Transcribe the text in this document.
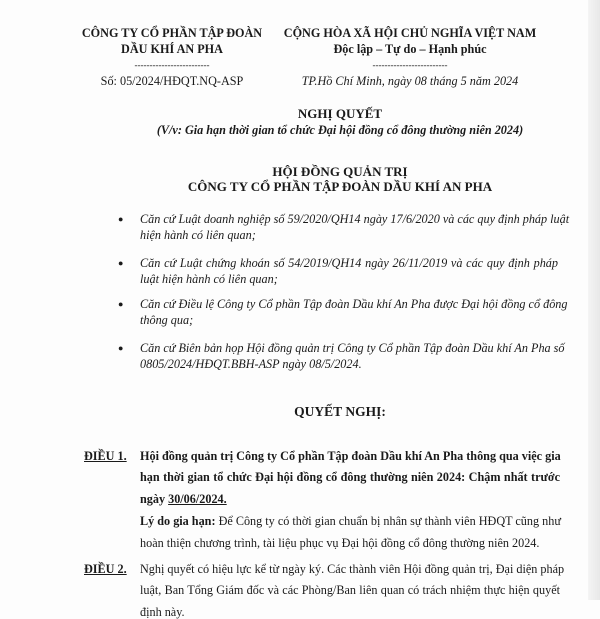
CÔNG TY CỔ PHẦN TẬP ĐOÀN
DẦU KHÍ AN PHA
-------------------------
Số: 05/2024/HĐQT.NQ-ASP
CỘNG HÒA XÃ HỘI CHỦ NGHĨA VIỆT NAM
Độc lập – Tự do – Hạnh phúc
-------------------------
TP.Hồ Chí Minh, ngày 08 tháng 5 năm 2024
NGHỊ QUYẾT
(V/v: Gia hạn thời gian tổ chức Đại hội đồng cổ đông thường niên 2024)
HỘI ĐỒNG QUẢN TRỊ
CÔNG TY CỔ PHẦN TẬP ĐOÀN DẦU KHÍ AN PHA
● Căn cứ Luật doanh nghiệp số 59/2020/QH14 ngày 17/6/2020 và các quy định pháp luật
hiện hành có liên quan;
● Căn cứ Luật chứng khoán số 54/2019/QH14 ngày 26/11/2019 và các quy định pháp
luật hiện hành có liên quan;
● Căn cứ Điều lệ Công ty Cổ phần Tập đoàn Dầu khí An Pha được Đại hội đồng cổ đông
thông qua;
● Căn cứ Biên bản họp Hội đồng quản trị Công ty Cổ phần Tập đoàn Dầu khí An Pha số
0805/2024/HĐQT.BBH-ASP ngày 08/5/2024.
QUYẾT NGHỊ:
ĐIỀU 1. Hội đồng quản trị Công ty Cổ phần Tập đoàn Dầu khí An Pha thông qua việc gia
hạn thời gian tổ chức Đại hội đồng cổ đông thường niên 2024: Chậm nhất trước
ngày 30/06/2024.
Lý do gia hạn: Để Công ty có thời gian chuẩn bị nhân sự thành viên HĐQT cũng như
hoàn thiện chương trình, tài liệu phục vụ Đại hội đồng cổ đông thường niên 2024.
ĐIỀU 2. Nghị quyết có hiệu lực kể từ ngày ký. Các thành viên Hội đồng quản trị, Đại diện pháp
luật, Ban Tổng Giám đốc và các Phòng/Ban liên quan có trách nhiệm thực hiện quyết
định này.
